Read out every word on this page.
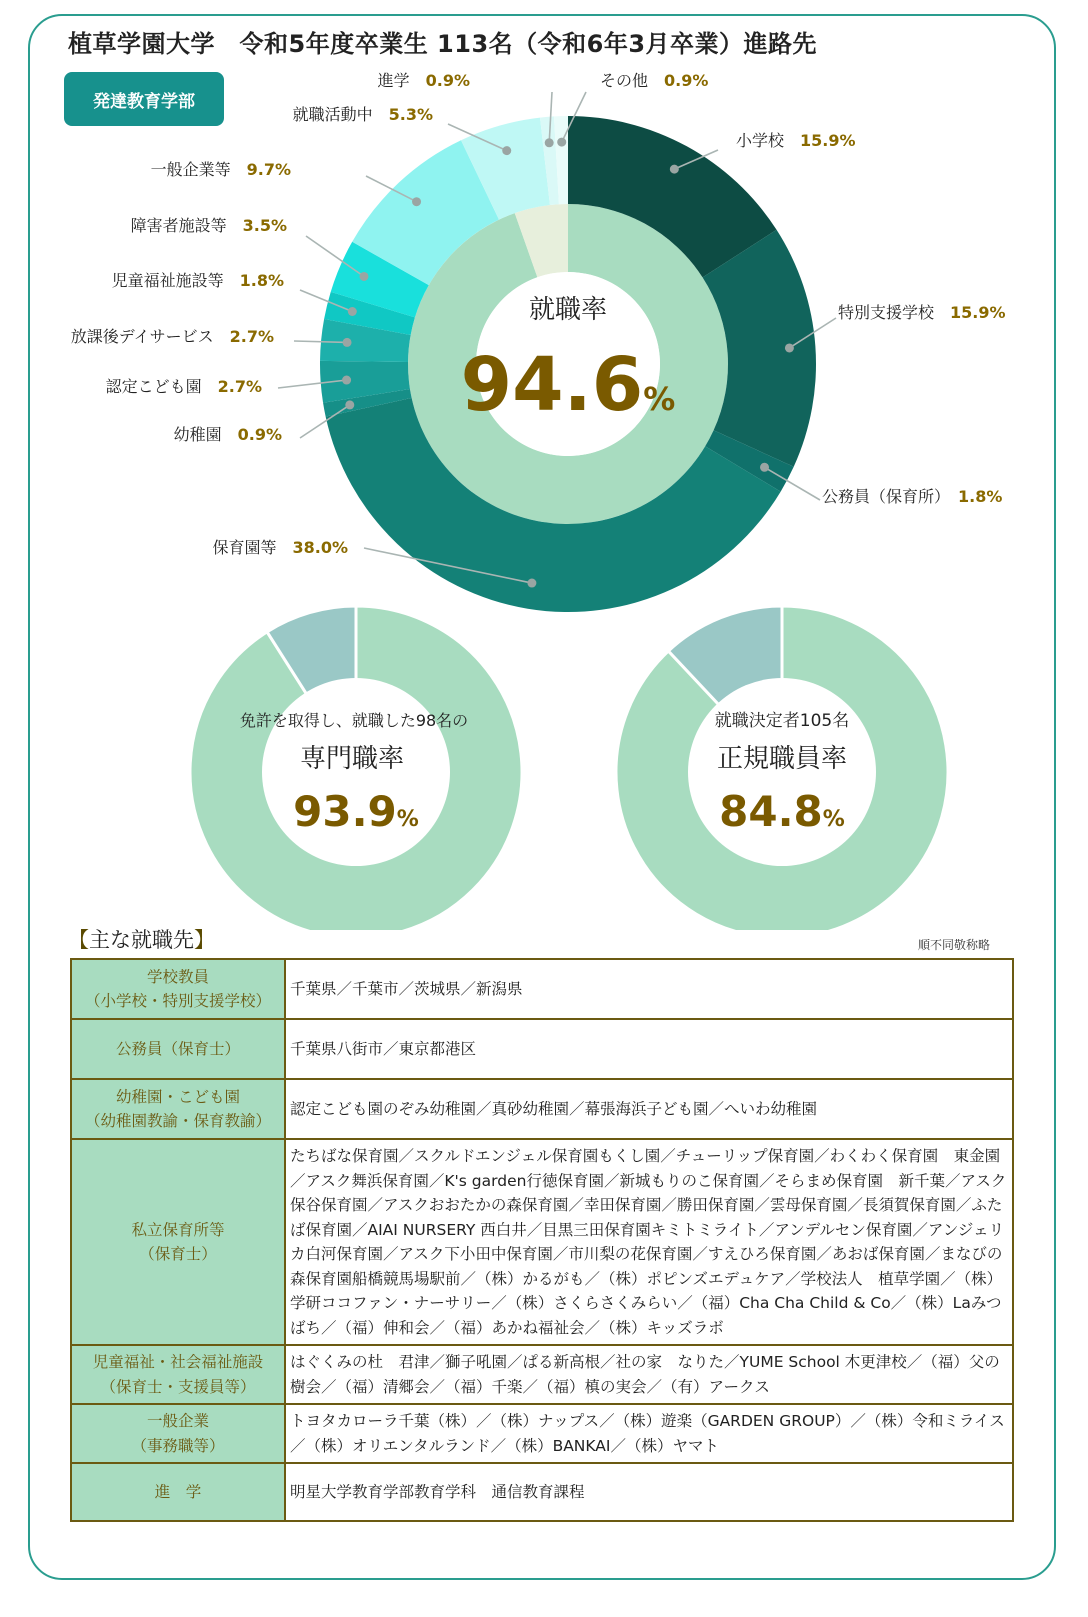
植草学園大学　令和5年度卒業生 113名（令和6年3月卒業）進路先
発達教育学部
小学校　15.9%
特別支援学校　15.9%
公務員（保育所）　1.8%
保育園等　38.0%
幼稚園　0.9%
認定こども園　2.7%
放課後デイサービス　2.7%
児童福祉施設等　1.8%
障害者施設等　3.5%
一般企業等　9.7%
就職活動中　5.3%
進学　0.9%	その他　0.9%
就職率
94.6%
免許を取得し、就職した98名の
専門職率
93.9%
就職決定者105名
正規職員率
84.8%
【主な就職先】	順不同敬称略
学校教員
（小学校・特別支援学校）	千葉県／千葉市／茨城県／新潟県

公務員（保育士）	千葉県八街市／東京都港区

幼稚園・こども園
（幼稚園教諭・保育教諭）	認定こども園のぞみ幼稚園／真砂幼稚園／幕張海浜子ども園／へいわ幼稚園

私立保育所等
（保育士）	たちばな保育園／スクルドエンジェル保育園もくし園／チューリップ保育園／わくわく保育園　東金園／アスク舞浜保育園／K's garden行徳保育園／新城もりのこ保育園／そらまめ保育園　新千葉／アスク保谷保育園／アスクおおたかの森保育園／幸田保育園／勝田保育園／雲母保育園／長須賀保育園／ふたば保育園／AIAI NURSERY 西白井／目黒三田保育園キミトミライト／アンデルセン保育園／アンジェリカ白河保育園／アスク下小田中保育園／市川梨の花保育園／すえひろ保育園／あおば保育園／まなびの森保育園船橋競馬場駅前／（株）かるがも／（株）ポピンズエデュケア／学校法人　植草学園／（株）学研ココファン・ナーサリー／（株）さくらさくみらい／（福）Cha Cha Child & Co／（株）Laみつばち／（福）伸和会／（福）あかね福祉会／（株）キッズラボ

児童福祉・社会福祉施設
（保育士・支援員等）	はぐくみの杜　君津／獅子吼園／ぱる新高根／社の家　なりた／YUME School 木更津校／（福）父の樹会／（福）清郷会／（福）千楽／（福）槙の実会／（有）アークス

一般企業
（事務職等）	トヨタカローラ千葉（株）／（株）ナップス／（株）遊楽（GARDEN GROUP）／（株）令和ミライス／（株）オリエンタルランド／（株）BANKAI／（株）ヤマト

進　学	明星大学教育学部教育学科　通信教育課程
